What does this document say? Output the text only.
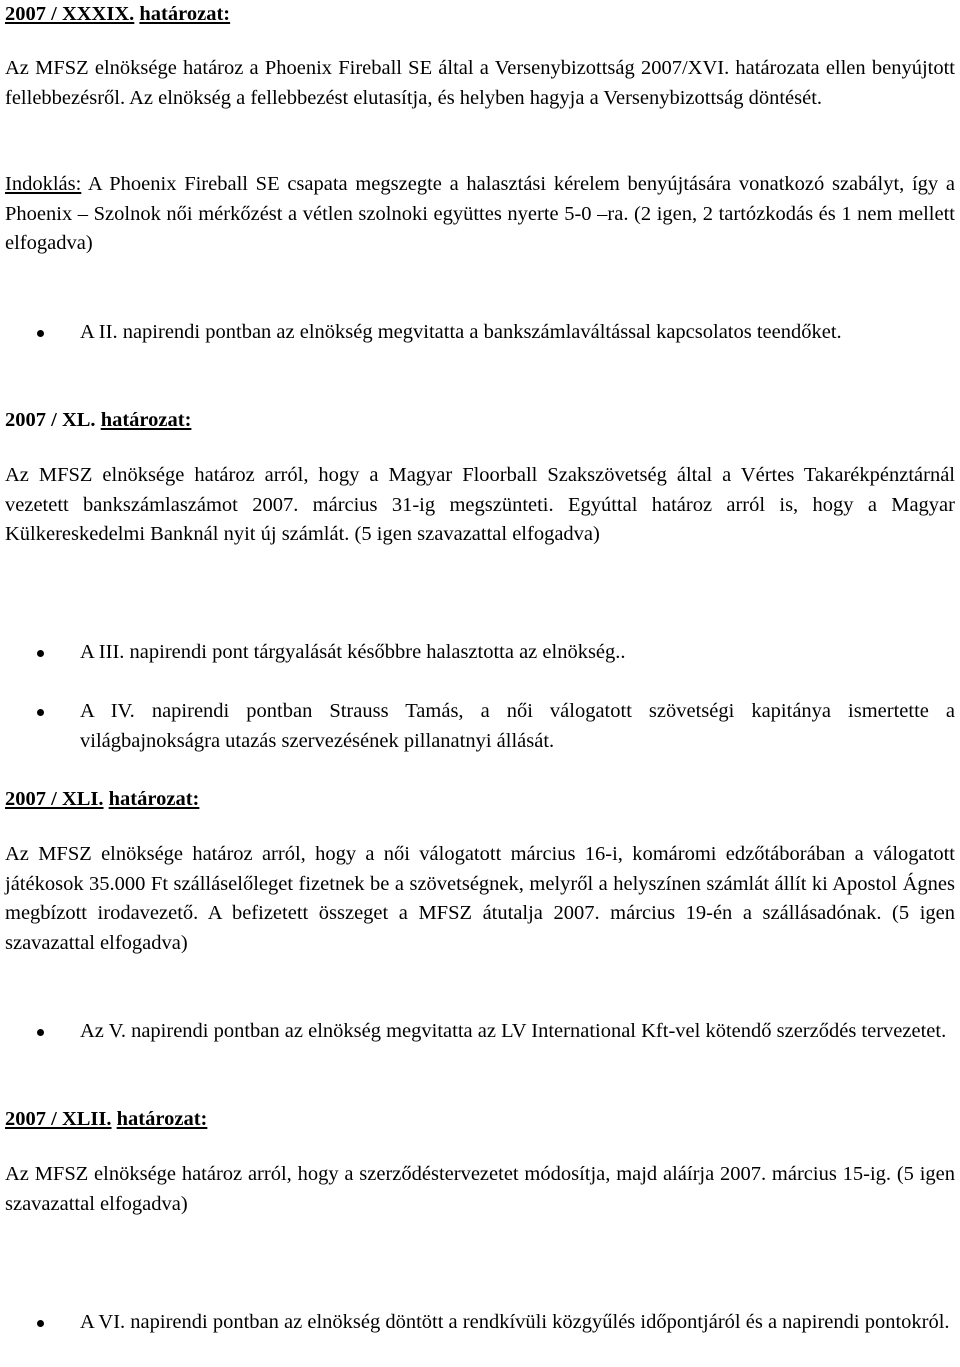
2007 / XXXIX. határozat:

Az MFSZ elnöksége határoz a Phoenix Fireball SE által a Versenybizottság 2007/XVI. határozata ellen benyújtott fellebbezésről. Az elnökség a fellebbezést elutasítja, és helyben hagyja a Versenybizottság döntését.

Indoklás: A Phoenix Fireball SE csapata megszegte a halasztási kérelem benyújtására vonatkozó szabályt, így a Phoenix – Szolnok női mérkőzést a vétlen szolnoki együttes nyerte 5-0 –ra. (2 igen, 2 tartózkodás és 1 nem mellett elfogadva)

A II. napirendi pontban az elnökség megvitatta a bankszámlaváltással kapcsolatos teendőket.
2007 / XL. határozat:

Az MFSZ elnöksége határoz arról, hogy a Magyar Floorball Szakszövetség által a Vértes Takarékpénztárnál vezetett bankszámlaszámot 2007. március 31-ig megszünteti. Egyúttal határoz arról is, hogy a Magyar Külkereskedelmi Banknál nyit új számlát. (5 igen szavazattal elfogadva)

A III. napirendi pont tárgyalását későbbre halasztotta az elnökség..
A IV. napirendi pontban Strauss Tamás, a női válogatott szövetségi kapitánya ismertette a világbajnokságra utazás szervezésének pillanatnyi állását.
2007 / XLI. határozat:

Az MFSZ elnöksége határoz arról, hogy a női válogatott március 16-i, komáromi edzőtáborában a válogatott játékosok 35.000 Ft szálláselőleget fizetnek be a szövetségnek, melyről a helyszínen számlát állít ki Apostol Ágnes megbízott irodavezető. A befizetett összeget a MFSZ átutalja 2007. március 19-én a szállásadónak. (5 igen szavazattal elfogadva)

Az V. napirendi pontban az elnökség megvitatta az LV International Kft-vel kötendő szerződés tervezetet.
2007 / XLII. határozat:

Az MFSZ elnöksége határoz arról, hogy a szerződéstervezetet módosítja, majd aláírja 2007. március 15-ig. (5 igen szavazattal elfogadva)

A VI. napirendi pontban az elnökség döntött a rendkívüli közgyűlés időpontjáról és a napirendi pontokról.
